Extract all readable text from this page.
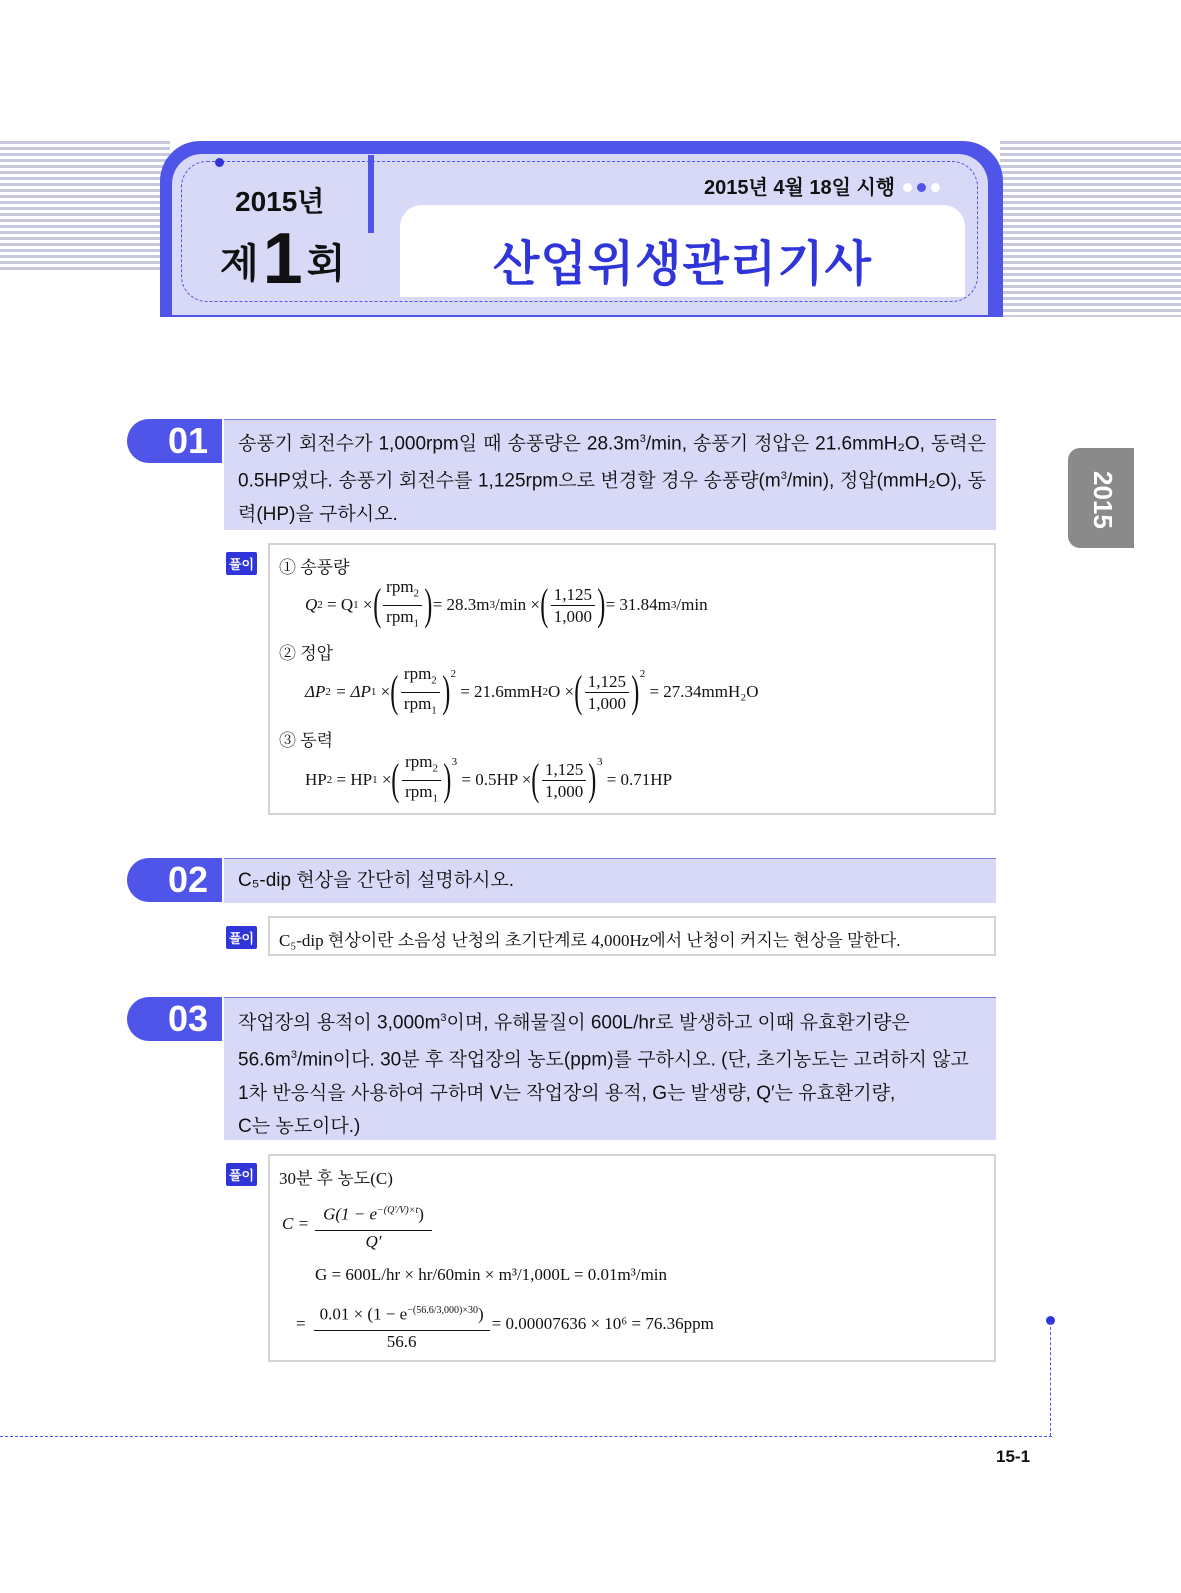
2015년
제1 회
2015년 4월 18일 시행
산업위생관리기사
2015
01	송풍기 회전수가 1,000rpm일 때 송풍량은 $28.3m^3/\min$, 송풍기 정압은 21.6mmH₂O, 동력은 0.5HP였다. 송풍기 회전수를 1,125rpm으로 변경할 경우 송풍량$(m^3/\min)$, 정압(mmH₂O), 동력(HP)을 구하시오.
풀이 ① 송풍량
Q 2
= Q 1
× ( $\frac{rpm_2}{rpm_1}$ ) = 28.3m 3 /min × ( $\frac{1,125}{1,000}$ ) = 31.84m 3 /min
② 정압
ΔP 2
= ΔP 1
× ( $\frac{rpm_2}{rpm_1} )^2$

= 21.6mmH 2 O × ( $\frac{1,125}{1,000} )^2$

= 27.34mmH₂O
③ 동력
HP 2
= HP 1
× ( $\frac{rpm_2}{rpm_1} )^3$

= 0.5HP × ( $\frac{1,125}{1,000} )^3$

= 0.71HP
02	C₅-dip 현상을 간단히 설명하시오.
풀이 C₅-dip 현상이란 소음성 난청의 초기단계로 4,000Hz에서 난청이 커지는 현상을 말한다.
03	작업장의 용적이 $3,000m^3$이며, 유해물질이 600L/hr로 발생하고 이때 유효환기량은
$56.6m^3/\min$이다. 30분 후 작업장의 농도(ppm)를 구하시오. (단, 초기농도는 고려하지 않고
1차 반응식을 사용하여 구하며 V는 작업장의 용적, G는 발생량, Q′는 유효환기량,
C는 농도이다.)
풀이 30분 후 농도(C)
$C = \frac{G(1 - e^{-(Q'/V)\times t})}{Q'}$
G = 600L/hr × hr/60min × m³/1,000L = 0.01m³/min
= $\frac{0.01 \times (1 - e^{-(56.6/3,000)\times 30})}{56.6} = 0.00007636 \times 10^6 = 76.36ppm$
15-1
